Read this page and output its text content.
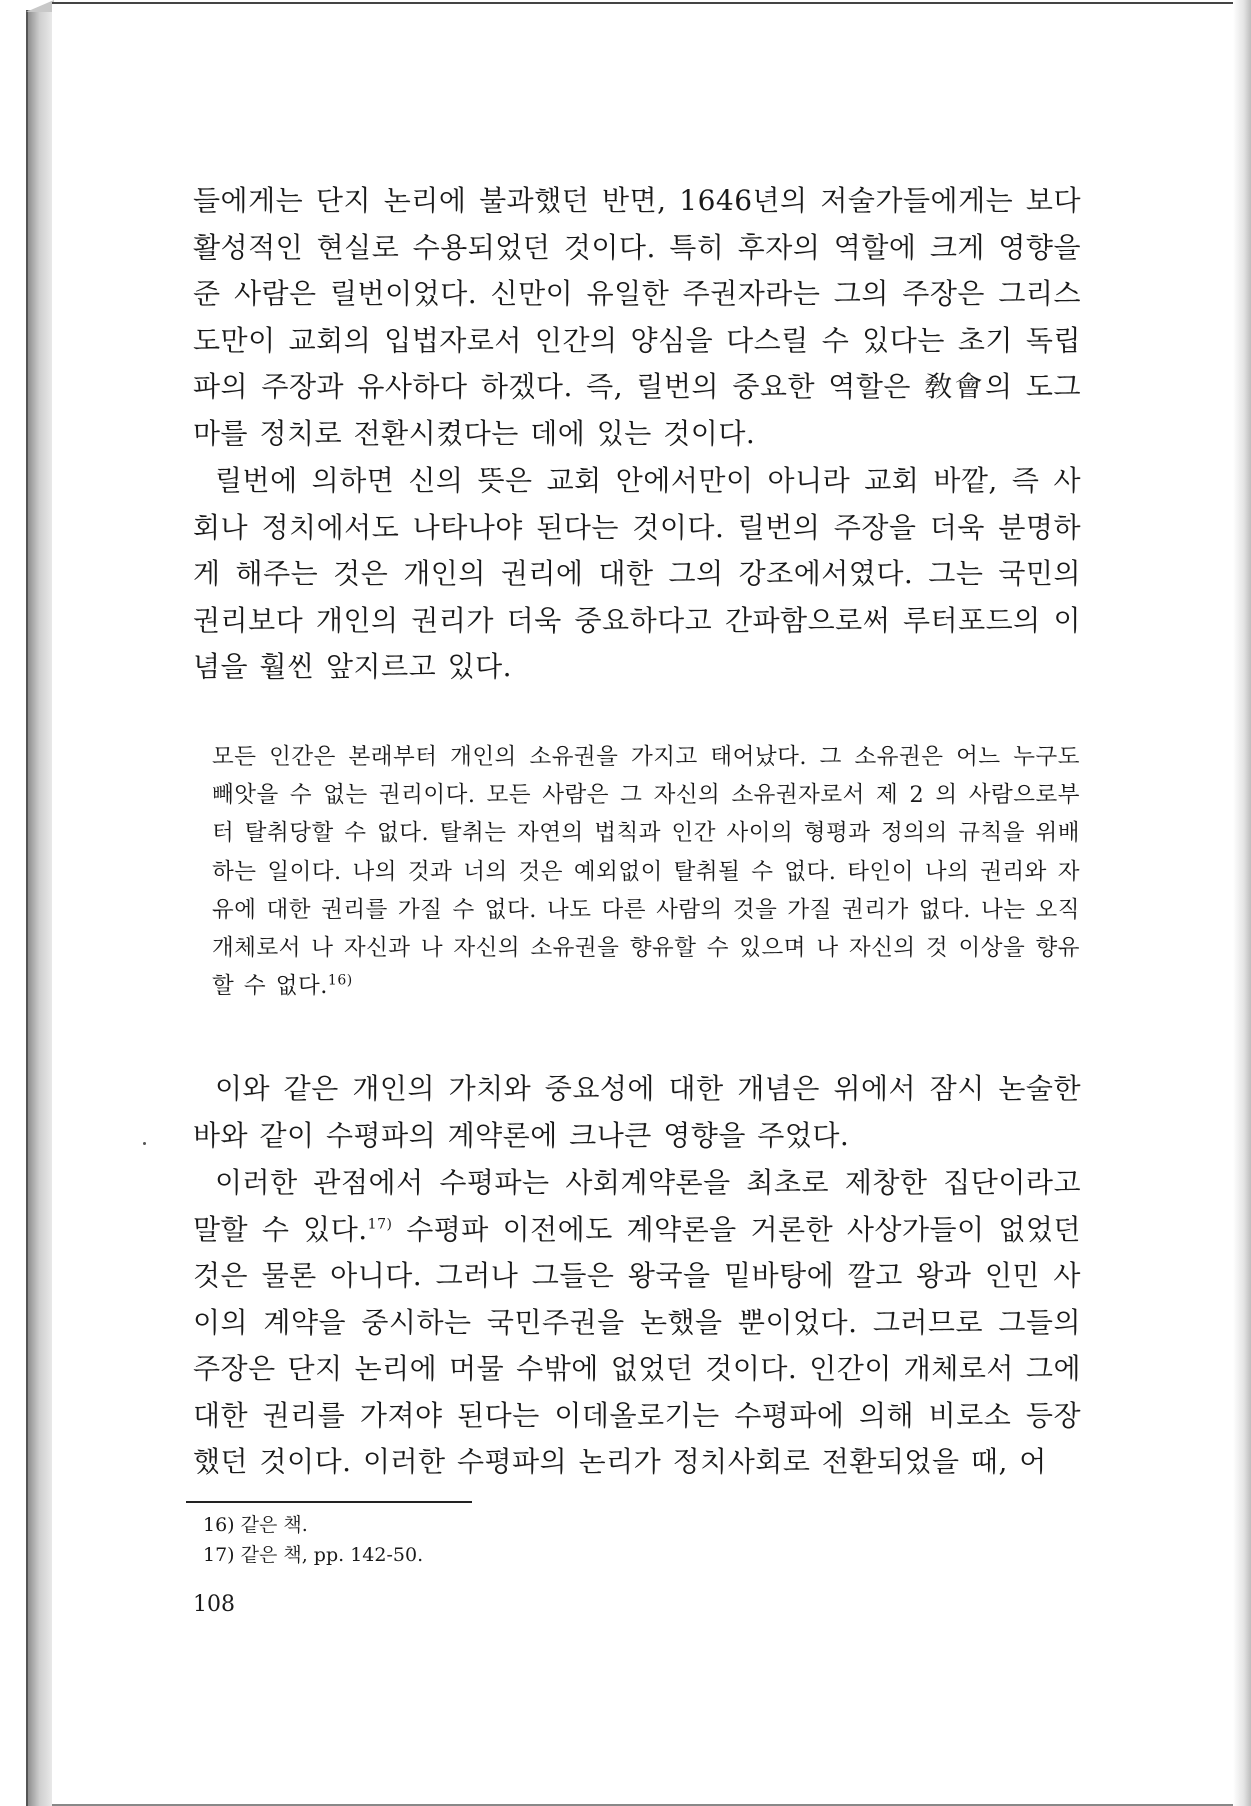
들에게는 단지 논리에 불과했던 반면, 1646년의 저술가들에게는 보다 활성적인 현실로 수용되었던 것이다. 특히 후자의 역할에 크게 영향을 준 사람은 릴번이었다. 신만이 유일한 주권자라는 그의 주장은 그리스도만이 교회의 입법자로서 인간의 양심을 다스릴 수 있다는 초기 독립파의 주장과 유사하다 하겠다. 즉, 릴번의 중요한 역할은 敎會의 도그마를 정치로 전환시켰다는 데에 있는 것이다.

릴번에 의하면 신의 뜻은 교회 안에서만이 아니라 교회 바깥, 즉 사회나 정치에서도 나타나야 된다는 것이다. 릴번의 주장을 더욱 분명하게 해주는 것은 개인의 권리에 대한 그의 강조에서였다. 그는 국민의 권리보다 개인의 권리가 더욱 중요하다고 간파함으로써 루터포드의 이념을 훨씬 앞지르고 있다.

모든 인간은 본래부터 개인의 소유권을 가지고 태어났다. 그 소유권은 어느 누구도 빼앗을 수 없는 권리이다. 모든 사람은 그 자신의 소유권자로서 제 2 의 사람으로부터 탈취당할 수 없다. 탈취는 자연의 법칙과 인간 사이의 형평과 정의의 규칙을 위배하는 일이다. 나의 것과 너의 것은 예외없이 탈취될 수 없다. 타인이 나의 권리와 자유에 대한 권리를 가질 수 없다. 나도 다른 사람의 것을 가질 권리가 없다. 나는 오직 개체로서 나 자신과 나 자신의 소유권을 향유할 수 있으며 나 자신의 것 이상을 향유할 수 없다.$^{16)}$

이와 같은 개인의 가치와 중요성에 대한 개념은 위에서 잠시 논술한 바와 같이 수평파의 계약론에 크나큰 영향을 주었다.

이러한 관점에서 수평파는 사회계약론을 최초로 제창한 집단이라고 말할 수 있다.$^{17)}$ 수평파 이전에도 계약론을 거론한 사상가들이 없었던 것은 물론 아니다. 그러나 그들은 왕국을 밑바탕에 깔고 왕과 인민 사이의 계약을 중시하는 국민주권을 논했을 뿐이었다. 그러므로 그들의 주장은 단지 논리에 머물 수밖에 없었던 것이다. 인간이 개체로서 그에 대한 권리를 가져야 된다는 이데올로기는 수평파에 의해 비로소 등장했던 것이다. 이러한 수평파의 논리가 정치사회로 전환되었을 때, 어

16) 같은 책.
17) 같은 책, pp. 142-50.
108
